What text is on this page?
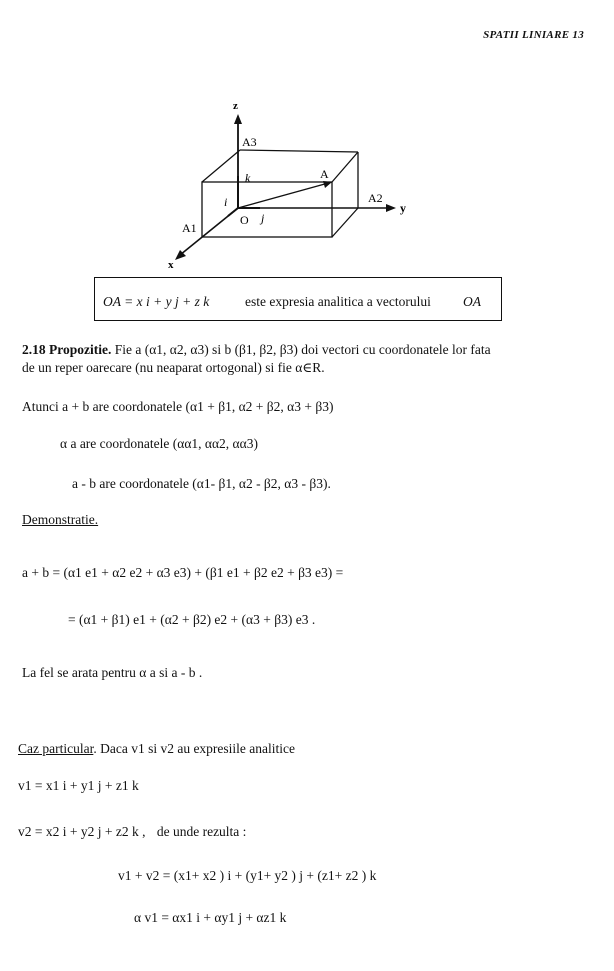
SPATII LINIARE 13
z
x
y
A3
A
A2
A1
O
i
j
k
OA = x i + y j + z k	este expresia analitica a vectorului OA
2.18 Propozitie. Fie a (α1, α2, α3) si b (β1, β2, β3) doi vectori cu coordonatele lor fata
de un reper oarecare (nu neaparat ortogonal) si fie α∈R.
Atunci a + b are coordonatele (α1 + β1, α2 + β2, α3 + β3)
α a are coordonatele (αα1, αα2, αα3)
a - b are coordonatele (α1- β1, α2 - β2, α3 - β3).
Demonstratie.
a + b = (α1 e1 + α2 e2 + α3 e3) + (β1 e1 + β2 e2 + β3 e3) =
= (α1 + β1) e1 + (α2 + β2) e2 + (α3 + β3) e3 .
La fel se arata pentru α a si a - b .
Caz particular. Daca v1 si v2 au expresiile analitice
v1 = x1 i + y1 j + z1 k
v2 = x2 i + y2 j + z2 k , de unde rezulta :
v1 + v2 = (x1+ x2 ) i + (y1+ y2 ) j + (z1+ z2 ) k
α v1 = αx1 i + αy1 j + αz1 k
